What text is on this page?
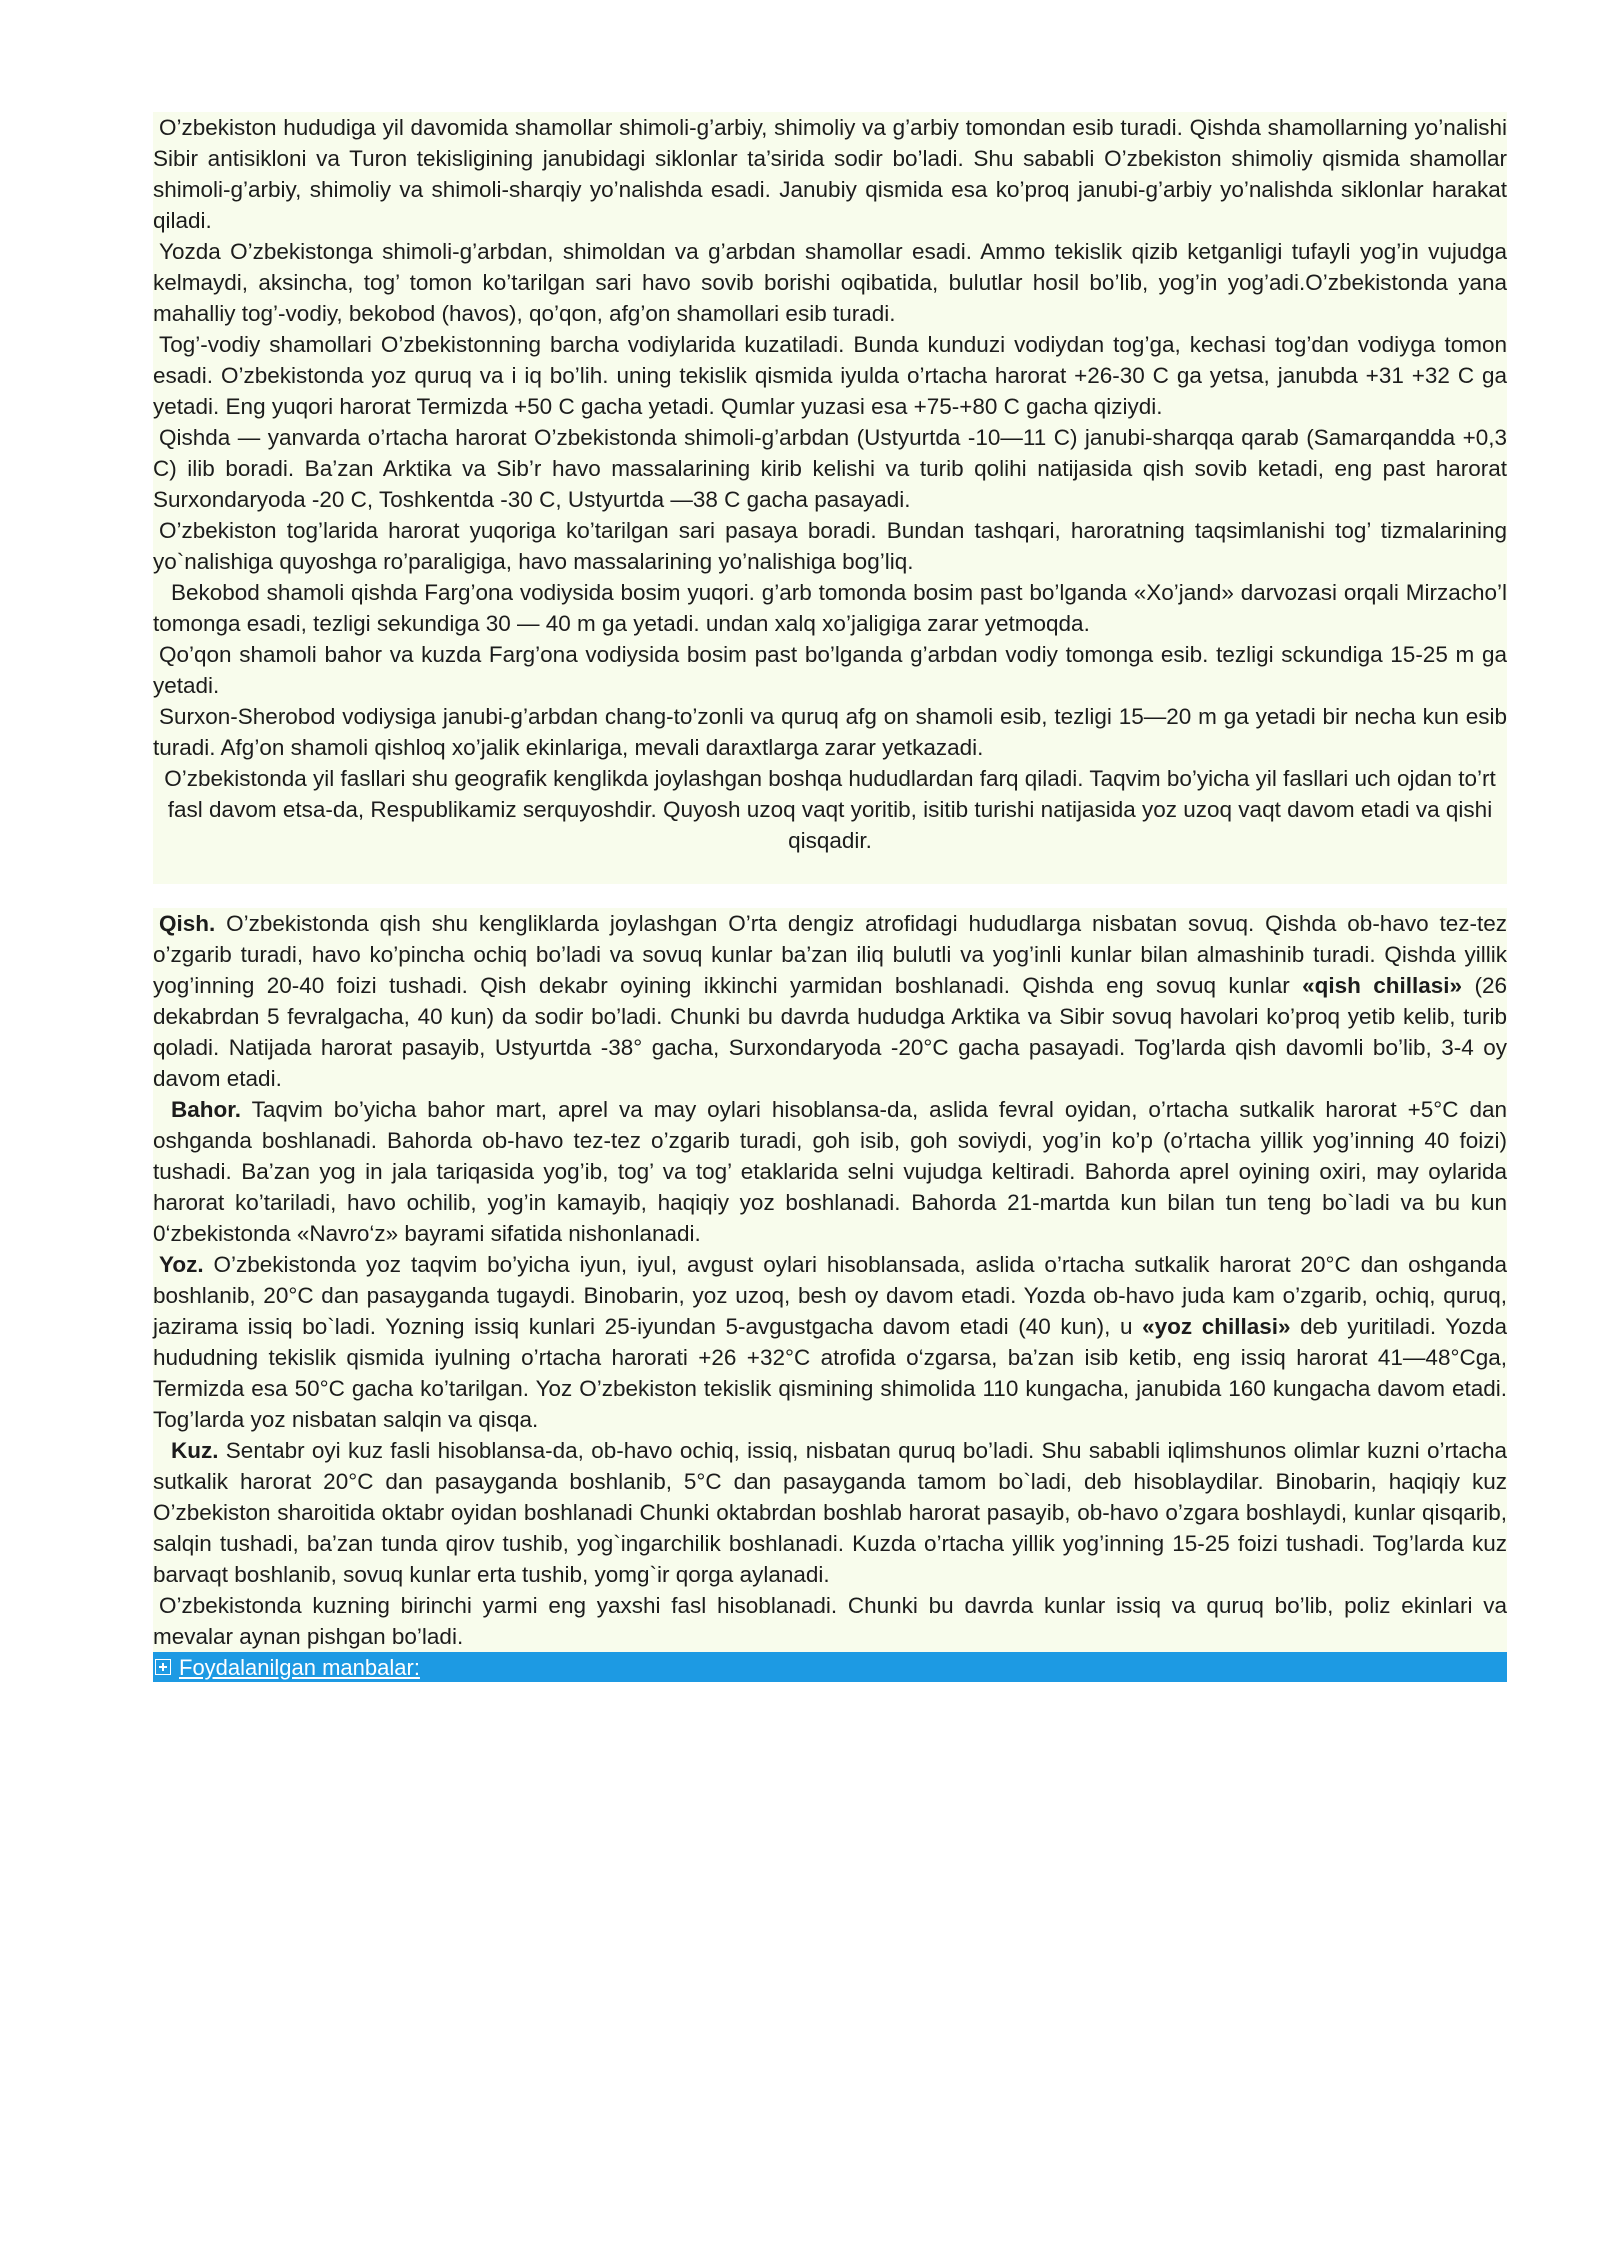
O’zbekiston hududiga yil davomida shamollar shimoli-g’arbiy, shimoliy va g’arbiy tomondan esib turadi. Qishda shamollarning yo’nalishi Sibir antisikloni va Turon tekisligining janubidagi siklonlar ta’sirida sodir bo’ladi. Shu sababli O’zbekiston shimoliy qismida shamollar shimoli-g’arbiy, shimoliy va shimoli-sharqiy yo’nalishda esadi. Janubiy qismida esa ko’proq janubi-g’arbiy yo’nalishda siklonlar harakat qiladi.

Yozda O’zbekistonga shimoli-g’arbdan, shimoldan va g’arbdan shamollar esadi. Ammo tekislik qizib ketganligi tufayli yog’in vujudga kelmaydi, aksincha, tog’ tomon ko’tarilgan sari havo sovib borishi oqibatida, bulutlar hosil bo’lib, yog’in yog’adi.O’zbekistonda yana mahalliy tog’-vodiy, bekobod (havos), qo’qon, afg’on shamollari esib turadi.

Tog’-vodiy shamollari O’zbekistonning barcha vodiylarida kuzatiladi. Bunda kunduzi vodiydan tog’ga, kechasi tog’dan vodiyga tomon esadi. O’zbekistonda yoz quruq va i iq bo’lih. uning tekislik qismida iyulda o’rtacha harorat +26-30 C ga yetsa, janubda +31 +32 C ga yetadi. Eng yuqori harorat Termizda +50 C gacha yetadi. Qumlar yuzasi esa +75-+80 C gacha qiziydi.

Qishda — yanvarda o’rtacha harorat O’zbekistonda shimoli-g’arbdan (Ustyurtda -10—11 C) janubi-sharqqa qarab (Samarqandda +0,3 C) ilib boradi. Ba’zan Arktika va Sib’r havo massalarining kirib kelishi va turib qolihi natijasida qish sovib ketadi, eng past harorat Surxondaryoda -20 C, Toshkentda -30 C, Ustyurtda —38 C gacha pasayadi.

O’zbekiston tog’larida harorat yuqoriga ko’tarilgan sari pasaya boradi. Bundan tashqari, haroratning taqsimlanishi tog’ tizmalarining yo`nalishiga quyoshga ro’paraligiga, havo massalarining yo’nalishiga bog’liq.

Bekobod shamoli qishda Farg’ona vodiysida bosim yuqori. g’arb tomonda bosim past bo’lganda «Xo’jand» darvozasi orqali Mirzacho’l tomonga esadi, tezligi sekundiga 30 — 40 m ga yetadi. undan xalq xo’jaligiga zarar yetmoqda.

Qo’qon shamoli bahor va kuzda Farg’ona vodiysida bosim past bo’lganda g’arbdan vodiy tomonga esib. tezligi sckundiga 15-25 m ga yetadi.

Surxon-Sherobod vodiysiga janubi-g’arbdan chang-to’zonli va quruq afg on shamoli esib, tezligi 15—20 m ga yetadi bir necha kun esib turadi. Afg’on shamoli qishloq xo’jalik ekinlariga, mevali daraxtlarga zarar yetkazadi.

O’zbekistonda yil fasllari shu geografik kenglikda joylashgan boshqa hududlardan farq qiladi. Taqvim bo’yicha yil fasllari uch ojdan to’rt fasl davom etsa-da, Respublikamiz serquyoshdir. Quyosh uzoq vaqt yoritib, isitib turishi natijasida yoz uzoq vaqt davom etadi va qishi qisqadir.

Qish. O’zbekistonda qish shu kengliklarda joylashgan O’rta dengiz atrofidagi hududlarga nisbatan sovuq. Qishda ob-havo tez-tez o’zgarib turadi, havo ko’pincha ochiq bo’ladi va sovuq kunlar ba’zan iliq bulutli va yog’inli kunlar bilan almashinib turadi. Qishda yillik yog’inning 20-40 foizi tushadi. Qish dekabr oyining ikkinchi yarmidan boshlanadi. Qishda eng sovuq kunlar «qish chillasi» (26 dekabrdan 5 fevralgacha, 40 kun) da sodir bo’ladi. Chunki bu davrda hududga Arktika va Sibir sovuq havolari ko’proq yetib kelib, turib qoladi. Natijada harorat pasayib, Ustyurtda -38° gacha, Surxondaryoda -20°C gacha pasayadi. Tog’larda qish davomli bo’lib, 3-4 oy davom etadi.

Bahor. Taqvim bo’yicha bahor mart, aprel va may oylari hisoblansa-da, aslida fevral oyidan, o’rtacha sutkalik harorat +5°C dan oshganda boshlanadi. Bahorda ob-havo tez-tez o’zgarib turadi, goh isib, goh soviydi, yog’in ko’p (o’rtacha yillik yog’inning 40 foizi) tushadi. Ba’zan yog in jala tariqasida yog’ib, tog’ va tog’ etaklarida selni vujudga keltiradi. Bahorda aprel oyining oxiri, may oylarida harorat ko’tariladi, havo ochilib, yog’in kamayib, haqiqiy yoz boshlanadi. Bahorda 21-martda kun bilan tun teng bo`ladi va bu kun 0‘zbekistonda «Navro‘z» bayrami sifatida nishonlanadi.

Yoz. O’zbekistonda yoz taqvim bo’yicha iyun, iyul, avgust oylari hisoblansada, aslida o’rtacha sutkalik harorat 20°C dan oshganda boshlanib, 20°C dan pasayganda tugaydi. Binobarin, yoz uzoq, besh oy davom etadi. Yozda ob-havo juda kam o’zgarib, ochiq, quruq, jazirama issiq bo`ladi. Yozning issiq kunlari 25-iyundan 5-avgustgacha davom etadi (40 kun), u «yoz chillasi» deb yuritiladi. Yozda hududning tekislik qismida iyulning o’rtacha harorati +26 +32°C atrofida o‘zgarsa, ba’zan isib ketib, eng issiq harorat 41—48°Cga, Termizda esa 50°C gacha ko’tarilgan. Yoz O’zbekiston tekislik qismining shimolida 110 kungacha, janubida 160 kungacha davom etadi. Tog’larda yoz nisbatan salqin va qisqa.

Kuz. Sentabr oyi kuz fasli hisoblansa-da, ob-havo ochiq, issiq, nisbatan quruq bo’ladi. Shu sababli iqlimshunos olimlar kuzni o’rtacha sutkalik harorat 20°C dan pasayganda boshlanib, 5°C dan pasayganda tamom bo`ladi, deb hisoblaydilar. Binobarin, haqiqiy kuz O’zbekiston sharoitida oktabr oyidan boshlanadi Chunki oktabrdan boshlab harorat pasayib, ob-havo o’zgara boshlaydi, kunlar qisqarib, salqin tushadi, ba’zan tunda qirov tushib, yog`ingarchilik boshlanadi. Kuzda o’rtacha yillik yog’inning 15-25 foizi tushadi. Tog’larda kuz barvaqt boshlanib, sovuq kunlar erta tushib, yomg`ir qorga aylanadi.

O’zbekistonda kuzning birinchi yarmi eng yaxshi fasl hisoblanadi. Chunki bu davrda kunlar issiq va quruq bo’lib, poliz ekinlari va mevalar aynan pishgan bo’ladi.

Foydalanilgan manbalar:
